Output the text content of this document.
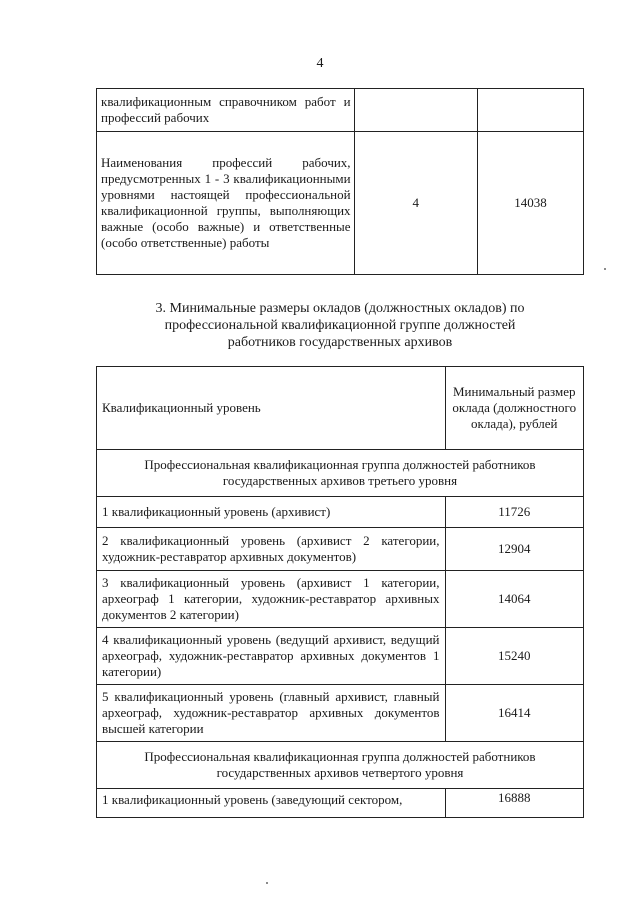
4
квалификационным справочником работ и профессий рабочих		
Наименования профессий рабочих, предусмотренных 1 - 3 квалификационными уровнями настоящей профессиональной квалификационной группы, выполняющих важные (особо важные) и ответственные (особо ответственные) работы	4	14038
3. Минимальные размеры окладов (должностных окладов) по профессиональной квалификационной группе должностей работников государственных архивов
Квалификационный уровень	Минимальный размер оклада (должностного оклада), рублей
Профессиональная квалификационная группа должностей работников государственных архивов третьего уровня	
1 квалификационный уровень (архивист)	11726
2 квалификационный уровень (архивист 2 категории, художник-реставратор архивных документов)	12904
3 квалификационный уровень (архивист 1 категории, археограф 1 категории, художник-реставратор архивных документов 2 категории)	14064
4 квалификационный уровень (ведущий архивист, ведущий археограф, художник-реставратор архивных документов 1 категории)	15240
5 квалификационный уровень (главный архивист, главный археограф, художник-реставратор архивных документов высшей категории	16414
Профессиональная квалификационная группа должностей работников государственных архивов четвертого уровня	
1 квалификационный уровень (заведующий сектором,	16888
